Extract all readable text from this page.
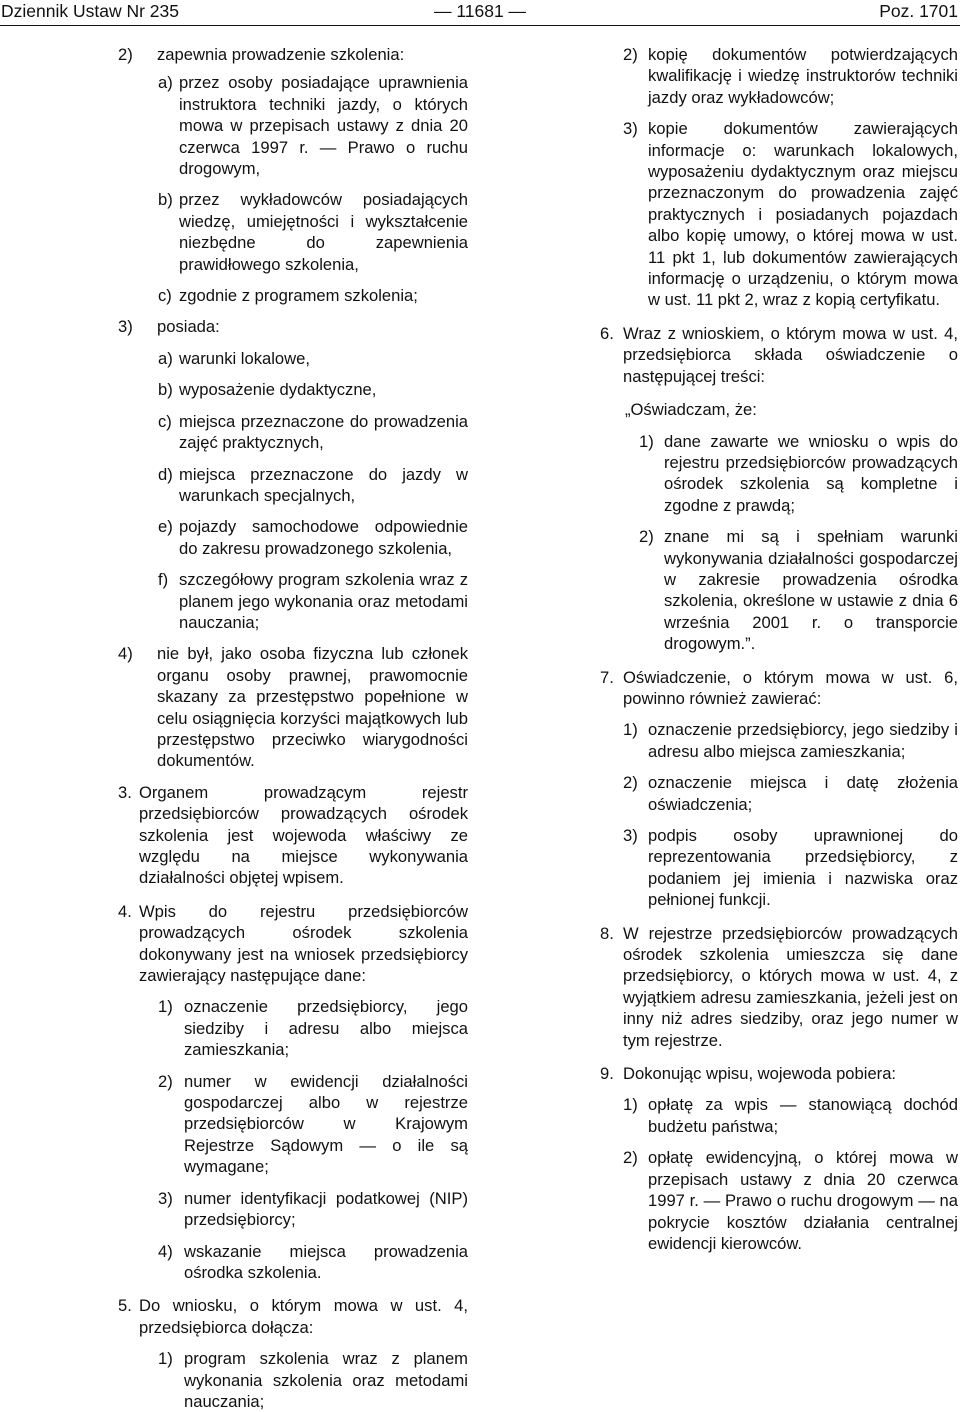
Dziennik Ustaw Nr 235	— 11681 —	Poz. 1701
2)	zapewnia prowadzenie szkolenia:
a) przez osoby posiadające uprawnienia instruktora techniki jazdy, o których mowa w przepisach ustawy z dnia 20 czerwca 1997 r. — Prawo o ruchu drogowym,
b) przez wykładowców posiadających wiedzę, umiejętności i wykształcenie niezbędne do zapewnienia prawidłowego szkolenia,
c) zgodnie z programem szkolenia;
3)	posiada:
a) warunki lokalowe,
b) wyposażenie dydaktyczne,
c) miejsca przeznaczone do prowadzenia zajęć praktycznych,
d) miejsca przeznaczone do jazdy w warunkach specjalnych,
e) pojazdy samochodowe odpowiednie do zakresu prowadzonego szkolenia,
f) szczegółowy program szkolenia wraz z planem jego wykonania oraz metodami nauczania;
4)	nie był, jako osoba fizyczna lub członek organu osoby prawnej, prawomocnie skazany za przestępstwo popełnione w celu osiągnięcia korzyści majątkowych lub przestępstwo przeciwko wiarygodności dokumentów.
3. Organem prowadzącym rejestr przedsiębiorców prowadzących ośrodek szkolenia jest wojewoda właściwy ze względu na miejsce wykonywania działalności objętej wpisem.
4. Wpis do rejestru przedsiębiorców prowadzących ośrodek szkolenia dokonywany jest na wniosek przedsiębiorcy zawierający następujące dane:
1) oznaczenie przedsiębiorcy, jego siedziby i adresu albo miejsca zamieszkania;
2) numer w ewidencji działalności gospodarczej albo w rejestrze przedsiębiorców w Krajowym Rejestrze Sądowym — o ile są wymagane;
3) numer identyfikacji podatkowej (NIP) przedsiębiorcy;
4) wskazanie miejsca prowadzenia ośrodka szkolenia.
5. Do wniosku, o którym mowa w ust. 4, przedsiębiorca dołącza:
1) program szkolenia wraz z planem wykonania szkolenia oraz metodami nauczania;
2) kopię dokumentów potwierdzających kwalifikację i wiedzę instruktorów techniki jazdy oraz wykładowców;
3) kopie dokumentów zawierających informacje o: warunkach lokalowych, wyposażeniu dydaktycznym oraz miejscu przeznaczonym do prowadzenia zajęć praktycznych i posiadanych pojazdach albo kopię umowy, o której mowa w ust. 11 pkt 1, lub dokumentów zawierających informację o urządzeniu, o którym mowa w ust. 11 pkt 2, wraz z kopią certyfikatu.
6. Wraz z wnioskiem, o którym mowa w ust. 4, przedsiębiorca składa oświadczenie o następującej treści:
„Oświadczam, że:
1) dane zawarte we wniosku o wpis do rejestru przedsiębiorców prowadzących ośrodek szkolenia są kompletne i zgodne z prawdą;
2) znane mi są i spełniam warunki wykonywania działalności gospodarczej w zakresie prowadzenia ośrodka szkolenia, określone w ustawie z dnia 6 września 2001 r. o transporcie drogowym.”.
7. Oświadczenie, o którym mowa w ust. 6, powinno również zawierać:
1) oznaczenie przedsiębiorcy, jego siedziby i adresu albo miejsca zamieszkania;
2) oznaczenie miejsca i datę złożenia oświadczenia;
3) podpis osoby uprawnionej do reprezentowania przedsiębiorcy, z podaniem jej imienia i nazwiska oraz pełnionej funkcji.
8. W rejestrze przedsiębiorców prowadzących ośrodek szkolenia umieszcza się dane przedsiębiorcy, o których mowa w ust. 4, z wyjątkiem adresu zamieszkania, jeżeli jest on inny niż adres siedziby, oraz jego numer w tym rejestrze.
9. Dokonując wpisu, wojewoda pobiera:
1) opłatę za wpis — stanowiącą dochód budżetu państwa;
2) opłatę ewidencyjną, o której mowa w przepisach ustawy z dnia 20 czerwca 1997 r. — Prawo o ruchu drogowym — na pokrycie kosztów działania centralnej ewidencji kierowców.
